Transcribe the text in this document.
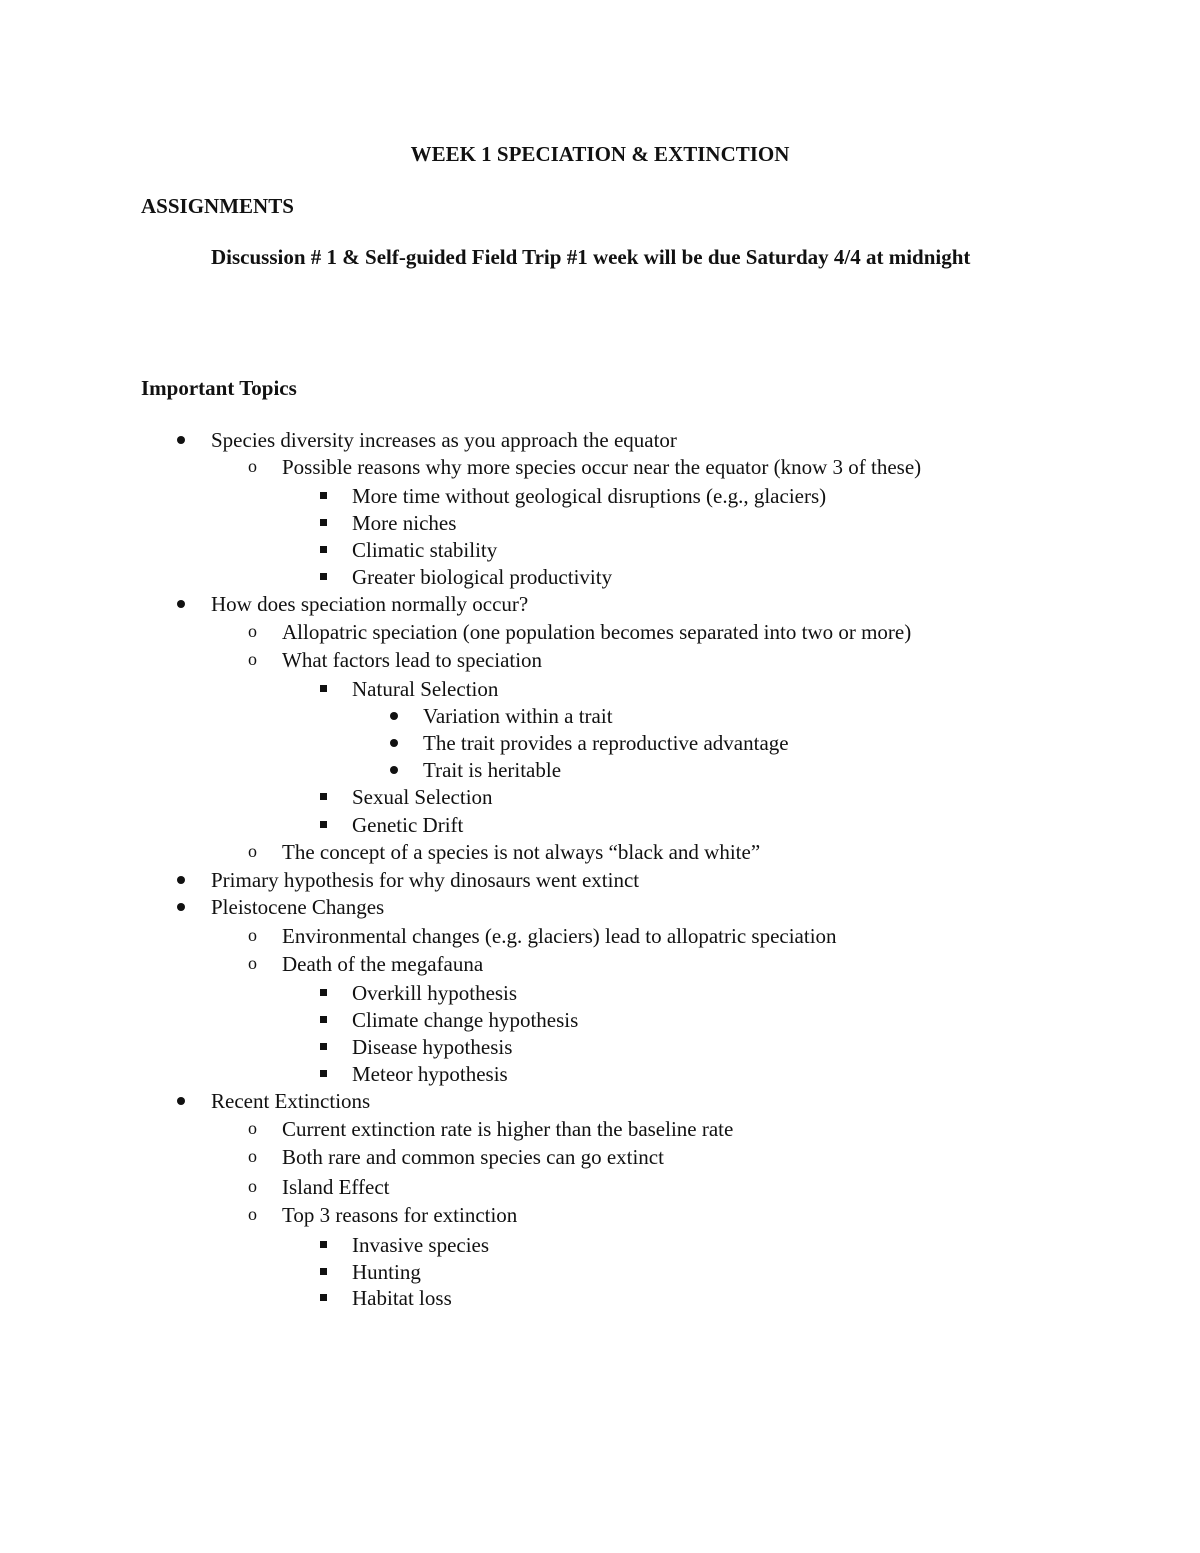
WEEK 1 SPECIATION & EXTINCTION
ASSIGNMENTS

Discussion # 1 & Self-guided Field Trip #1 week will be due Saturday 4/4 at midnight

Important Topics
Species diversity increases as you approach the equator
o Possible reasons why more species occur near the equator (know 3 of these)
More time without geological disruptions (e.g., glaciers)
More niches
Climatic stability
Greater biological productivity
How does speciation normally occur?
o Allopatric speciation (one population becomes separated into two or more)
o What factors lead to speciation
Natural Selection
Variation within a trait
The trait provides a reproductive advantage
Trait is heritable
Sexual Selection
Genetic Drift
o The concept of a species is not always “black and white”
Primary hypothesis for why dinosaurs went extinct
Pleistocene Changes
o Environmental changes (e.g. glaciers) lead to allopatric speciation
o Death of the megafauna
Overkill hypothesis
Climate change hypothesis
Disease hypothesis
Meteor hypothesis
Recent Extinctions
o Current extinction rate is higher than the baseline rate
o Both rare and common species can go extinct
o Island Effect
o Top 3 reasons for extinction
Invasive species
Hunting
Habitat loss
